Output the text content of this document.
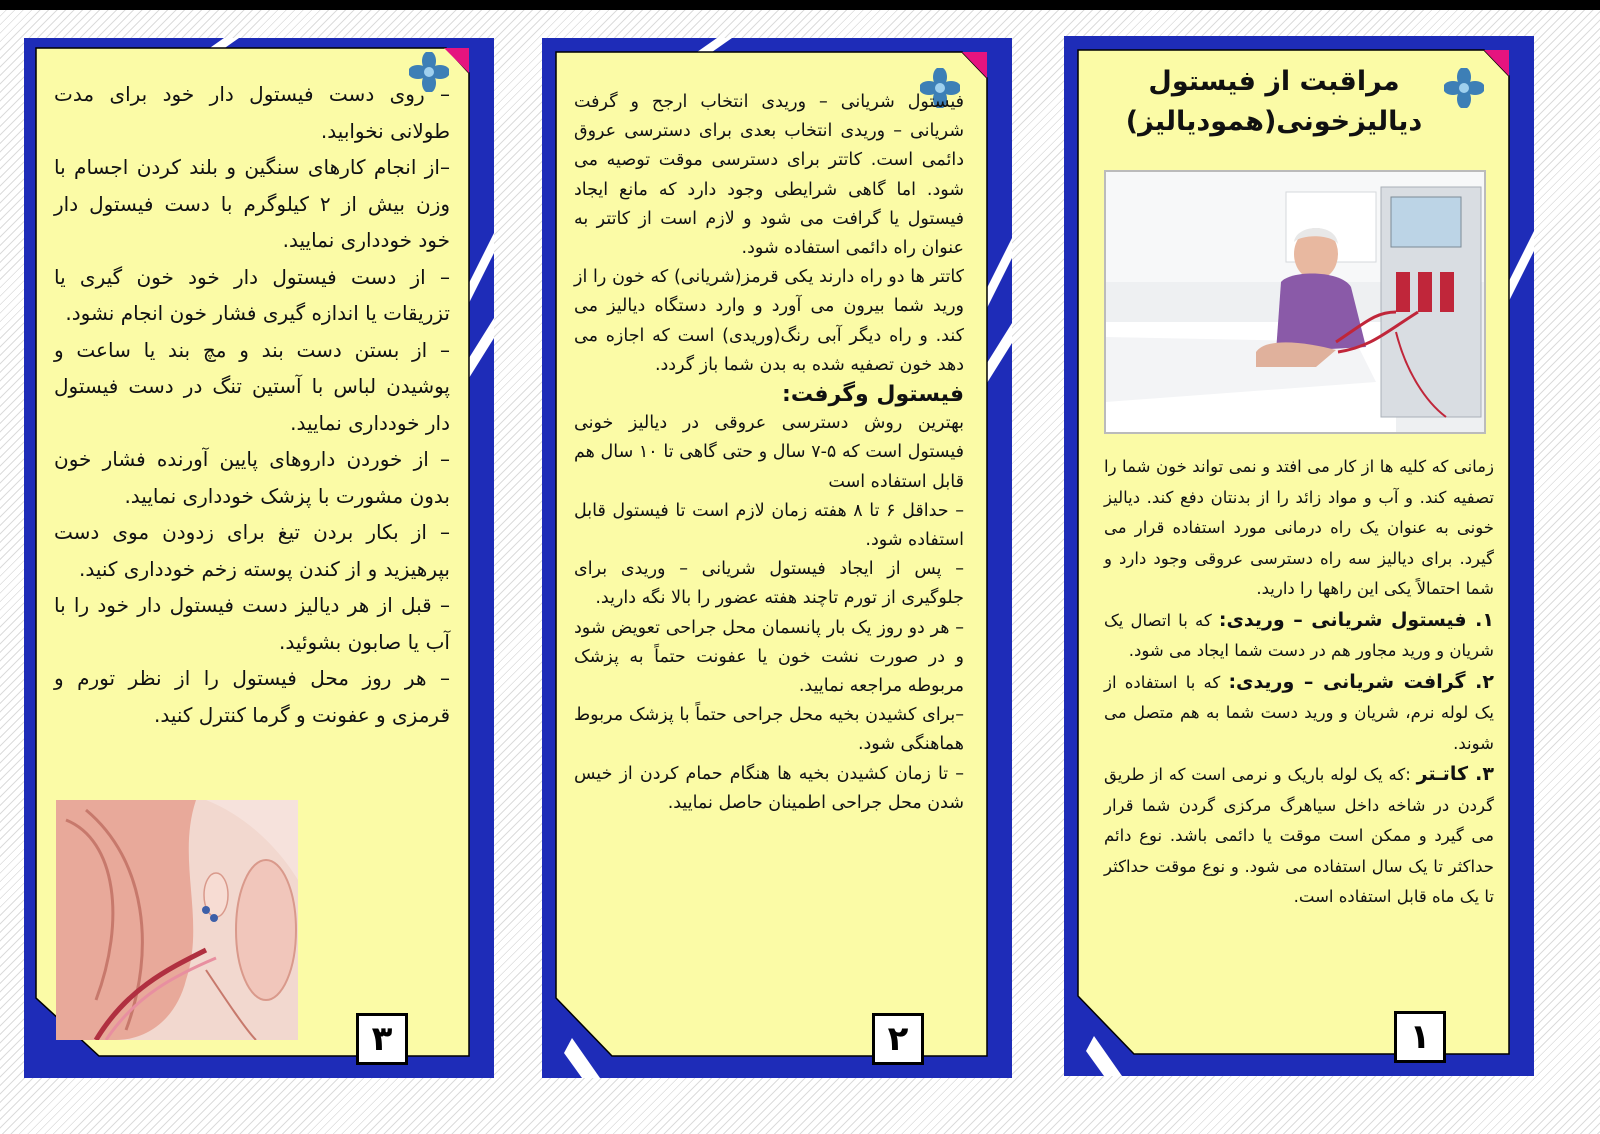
– روی دست فیستول دار خود برای مدت طولانی نخوابید.

–از انجام کارهای سنگین و بلند کردن اجسام با وزن بیش از ۲ کیلوگرم با دست فیستول دار خود خودداری نمایید.

– از دست فیستول دار خود خون گیری یا تزریقات یا اندازه گیری فشار خون انجام نشود.

– از بستن دست بند و مچ بند یا ساعت و پوشیدن لباس با آستین تنگ در دست فیستول دار خودداری نمایید.

– از خوردن داروهای پایین آورنده فشار خون بدون مشورت با پزشک خودداری نمایید.

– از بکار بردن تیغ برای زدودن موی دست بپرهیزید و از کندن پوسته زخم خودداری کنید.

– قبل از هر دیالیز دست فیستول دار خود را با آب یا صابون بشوئید.

– هر روز محل فیستول را از نظر تورم و قرمزی و عفونت و گرما کنترل کنید.

۳

فیستول شریانی – وریدی انتخاب ارجح و گرفت شریانی – وریدی انتخاب بعدی برای دسترسی عروق دائمی است. کاتتر برای دسترسی موقت توصیه می شود. اما گاهی شرایطی وجود دارد که مانع ایجاد فیستول یا گرافت می شود و لازم است از کاتتر به عنوان راه دائمی استفاده شود.

کاتتر ها دو راه دارند یکی قرمز(شریانی) که خون را از ورید شما بیرون می آورد و وارد دستگاه دیالیز می کند. و راه دیگر آبی رنگ(وریدی) است که اجازه می دهد خون تصفیه شده به بدن شما باز گردد.

فیستول وگرفت:

بهترین روش دسترسی عروقی در دیالیز خونی فیستول است که ۵-۷ سال و حتی گاهی تا ۱۰ سال هم قابل استفاده است

– حداقل ۶ تا ۸ هفته زمان لازم است تا فیستول قابل استفاده شود.

– پس از ایجاد فیستول شریانی – وریدی برای جلوگیری از تورم تاچند هفته عضور را بالا نگه دارید.

– هر دو روز یک بار پانسمان محل جراحی تعویض شود و در صورت نشت خون یا عفونت حتماً به پزشک مربوطه مراجعه نمایید.

–برای کشیدن بخیه محل جراحی حتماً با پزشک مربوط هماهنگی شود.

– تا زمان کشیدن بخیه ها هنگام حمام کردن از خیس شدن محل جراحی اطمینان حاصل نمایید.

۲
مراقبت از فیستول
دیالیزخونی(همودیالیز)

زمانی که کلیه ها از کار می افتد و نمی تواند خون شما را تصفیه کند. و آب و مواد زائد را از بدنتان دفع کند. دیالیز خونی به عنوان یک راه درمانی مورد استفاده قرار می گیرد. برای دیالیز سه راه دسترسی عروقی وجود دارد و شما احتمالاً یکی این راهها را دارید.

۱. فیستول شریانی – وریدی: که با اتصال یک شریان و ورید مجاور هم در دست شما ایجاد می شود.

۲. گرافت شریانی – وریدی: که با استفاده از یک لوله نرم، شریان و ورید دست شما به هم متصل می شوند.

۳. کاتـتر :که یک لوله باریک و نرمی است که از طریق گردن در شاخه داخل سیاهرگ مرکزی گردن شما قرار می گیرد و ممکن است موقت یا دائمی باشد. نوع دائم حداکثر تا یک سال استفاده می شود. و نوع موقت حداکثر تا یک ماه قابل استفاده است.

۱
